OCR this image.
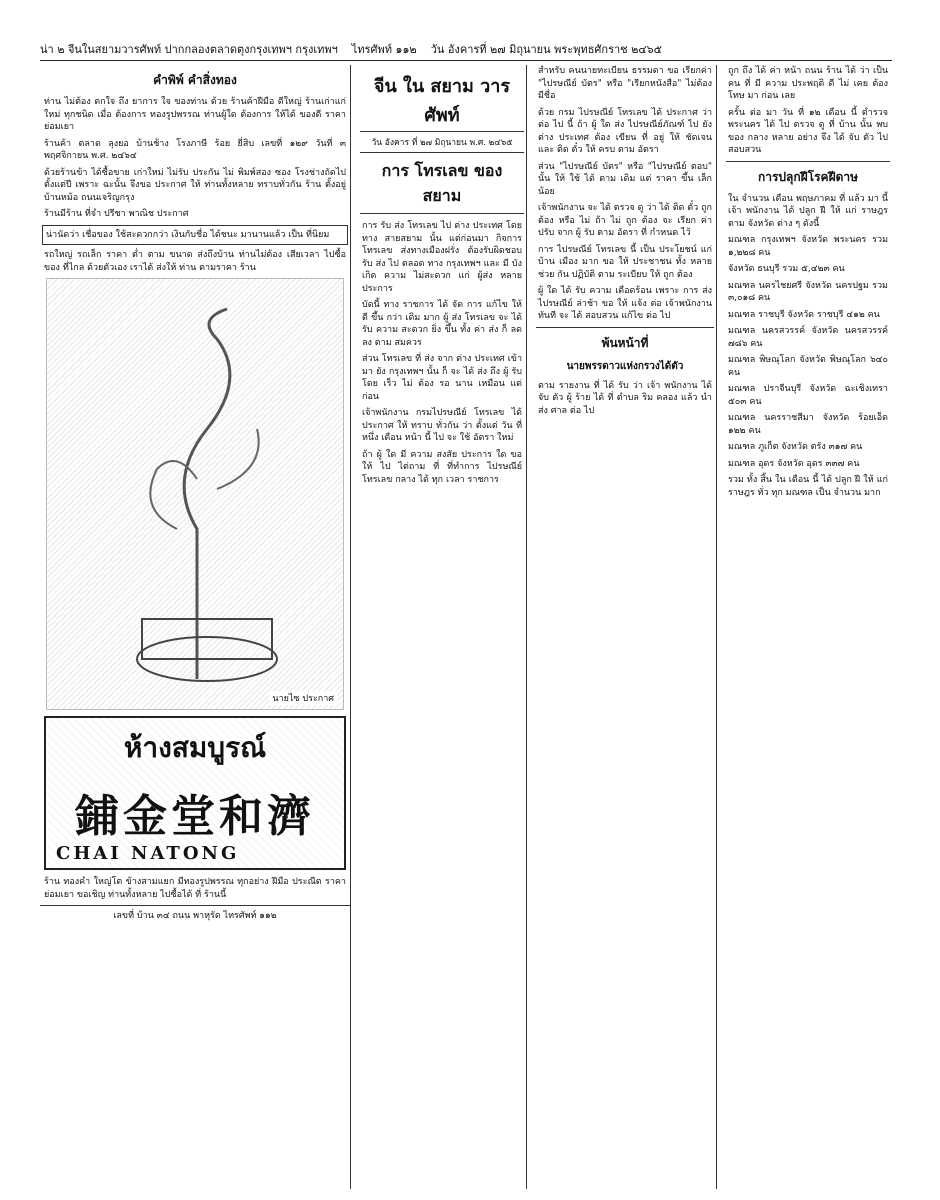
น่า ๒ จีนในสยามวารศัพท์ ปากกลองตลาดตุงกรุงเทพฯ กรุงเทพฯ ไทรศัพท์ ๑๑๒ วัน อังคารที่ ๒๗ มิถุนายน พระพุทธศักราช ๒๔๖๕
คำพิพ์ คำสิ่งทอง

ท่าน ไม่ต้อง ตกใจ ถึง ยาการ ใจ ของท่าน ด้วย ร้านค้าฝีมือ ดีใหญ่ ร้านเก่าแก่ ใหม่ ทุกชนิด เมื่อ ต้องการ ทองรูปพรรณ ท่านผู้ใด ต้องการ ให้ได้ ของดี ราคาย่อมเยา

ร้านค้า ตลาด ลุงยอ บ้านช้าง โรงภาษี ร้อย ยี่สิบ เลขที่ ๑๒๙ วันที่ ๓ พฤศจิกายน พ.ศ. ๒๔๖๔

ด้วยร้านข้า ได้ซื้อขาย เก่าใหม่ ไม่รับ ประกัน ไม่ พิมพ์สอง ซอง โรงช่างถัดไป ตั้งแต่ปี เพราะ ฉะนั้น จึงขอ ประกาศ ให้ ท่านทั้งหลาย ทราบทั่วกัน ร้าน ตั้งอยู่ บ้านหม้อ ถนนเจริญกรุง

ร้านมีร้าน ที่จำ ปรีชา พาณิช ประกาศ

น่านัดว่า เชื่อของ ใช้สะดวกกว่า เงินกับชื่อ ได้ชนะ มานานแล้ว เป็น ที่นิยม

รถใหญ่ รถเล็ก ราคา ต่ำ ตาม ขนาด ส่งถึงบ้าน ท่านไม่ต้อง เสียเวลา ไปซื้อ ของ ที่ไกล ด้วยตัวเอง เราได้ ส่งให้ ท่าน ตามราคา ร้าน

นายไซ ประกาศ
ห้างสมบูรณ์
鋪金堂和濟
CHAI NATONG

ร้าน ทองคำ ใหญ่โต ข้างสามแยก มีทองรูปพรรณ ทุกอย่าง ฝีมือ ประณีต ราคา ย่อมเยา ขอเชิญ ท่านทั้งหลาย ไปซื้อได้ ที่ ร้านนี้

เลขที่ บ้าน ๓๔ ถนน พาหุรัด ไทรศัพท์ ๑๑๒
จีน ใน สยาม วารศัพท์
วัน อังคาร ที่ ๒๗ มิถุนายน พ.ศ. ๒๔๖๕
การ โทรเลข ของ สยาม

การ รับ ส่ง โทรเลข ไป ต่าง ประเทศ โดย ทาง สายสยาม นั้น แต่ก่อนมา กิจการ โทรเลข ส่งทางเมืองฝรั่ง ต้องรับผิดชอบ รับ ส่ง ไป ตลอด ทาง กรุงเทพฯ และ มี บัง เกิด ความ ไม่สะดวก แก่ ผู้ส่ง หลาย ประการ

บัดนี้ ทาง ราชการ ได้ จัด การ แก้ไข ให้ ดี ขึ้น กว่า เดิม มาก ผู้ ส่ง โทรเลข จะ ได้ รับ ความ สะดวก ยิ่ง ขึ้น ทั้ง ค่า ส่ง ก็ ลด ลง ตาม สมควร

ส่วน โทรเลข ที่ ส่ง จาก ต่าง ประเทศ เข้า มา ยัง กรุงเทพฯ นั้น ก็ จะ ได้ ส่ง ถึง ผู้ รับ โดย เร็ว ไม่ ต้อง รอ นาน เหมือน แต่ ก่อน

เจ้าพนักงาน กรมไปรษณีย์ โทรเลข ได้ ประกาศ ให้ ทราบ ทั่วกัน ว่า ตั้งแต่ วัน ที่ หนึ่ง เดือน หน้า นี้ ไป จะ ใช้ อัตรา ใหม่

ถ้า ผู้ ใด มี ความ สงสัย ประการ ใด ขอ ให้ ไป ไต่ถาม ที่ ที่ทำการ ไปรษณีย์ โทรเลข กลาง ได้ ทุก เวลา ราชการ

สำหรับ คนนายทะเบียน ธรรมดา ขอ เรียกค่า "ไปรษณีย์ บัตร" หรือ "เรียกหนังสือ" ไม่ต้องมีชื่อ

ด้วย กรม ไปรษณีย์ โทรเลข ได้ ประกาศ ว่า ต่อ ไป นี้ ถ้า ผู้ ใด ส่ง ไปรษณีย์ภัณฑ์ ไป ยัง ต่าง ประเทศ ต้อง เขียน ที่ อยู่ ให้ ชัดเจน และ ติด ตั๋ว ให้ ครบ ตาม อัตรา

ส่วน "ไปรษณีย์ บัตร" หรือ "ไปรษณีย์ ตอบ" นั้น ให้ ใช้ ได้ ตาม เดิม แต่ ราคา ขึ้น เล็กน้อย

เจ้าพนักงาน จะ ได้ ตรวจ ดู ว่า ได้ ติด ตั๋ว ถูก ต้อง หรือ ไม่ ถ้า ไม่ ถูก ต้อง จะ เรียก ค่า ปรับ จาก ผู้ รับ ตาม อัตรา ที่ กำหนด ไว้

การ ไปรษณีย์ โทรเลข นี้ เป็น ประโยชน์ แก่ บ้าน เมือง มาก ขอ ให้ ประชาชน ทั้ง หลาย ช่วย กัน ปฏิบัติ ตาม ระเบียบ ให้ ถูก ต้อง

ผู้ ใด ได้ รับ ความ เดือดร้อน เพราะ การ ส่ง ไปรษณีย์ ล่าช้า ขอ ให้ แจ้ง ต่อ เจ้าพนักงาน ทันที จะ ได้ สอบสวน แก้ไข ต่อ ไป

พ้นหน้าที่
นายพรรดาวแห่งกรวงได้ตัว

ตาม รายงาน ที่ ได้ รับ ว่า เจ้า พนักงาน ได้ จับ ตัว ผู้ ร้าย ได้ ที่ ตำบล ริม คลอง แล้ว นำ ส่ง ศาล ต่อ ไป

ถูก ถึง ได้ ค่า หน้า ถนน ร้าน ได้ ว่า เป็น คน ที่ มี ความ ประพฤติ ดี ไม่ เคย ต้อง โทษ มา ก่อน เลย

ครั้น ต่อ มา วัน ที่ ๑๒ เดือน นี้ ตำรวจ พระนคร ได้ ไป ตรวจ ดู ที่ บ้าน นั้น พบ ของ กลาง หลาย อย่าง จึง ได้ จับ ตัว ไป สอบสวน

การปลุกฝีโรคฝีดาษ

ใน จำนวน เดือน พฤษภาคม ที่ แล้ว มา นี้ เจ้า พนักงาน ได้ ปลูก ฝี ให้ แก่ ราษฎร ตาม จังหวัด ต่าง ๆ ดังนี้

มณฑล กรุงเทพฯ จังหวัด พระนคร รวม ๑,๒๒๘ คน

จังหวัด ธนบุรี รวม ๕,๔๒๓ คน

มณฑล นครไชยศรี จังหวัด นครปฐม รวม ๓,๐๑๘ คน

มณฑล ราชบุรี จังหวัด ราชบุรี ๔๑๒ คน

มณฑล นครสวรรค์ จังหวัด นครสวรรค์ ๗๘๖ คน

มณฑล พิษณุโลก จังหวัด พิษณุโลก ๖๔๐ คน

มณฑล ปราจีนบุรี จังหวัด ฉะเชิงเทรา ๕๐๓ คน

มณฑล นครราชสีมา จังหวัด ร้อยเอ็ด ๑๒๒ คน

มณฑล ภูเก็ต จังหวัด ตรัง ๓๑๗ คน

มณฑล อุดร จังหวัด อุดร ๓๓๗ คน

รวม ทั้ง สิ้น ใน เดือน นี้ ได้ ปลูก ฝี ให้ แก่ ราษฎร ทั่ว ทุก มณฑล เป็น จำนวน มาก
